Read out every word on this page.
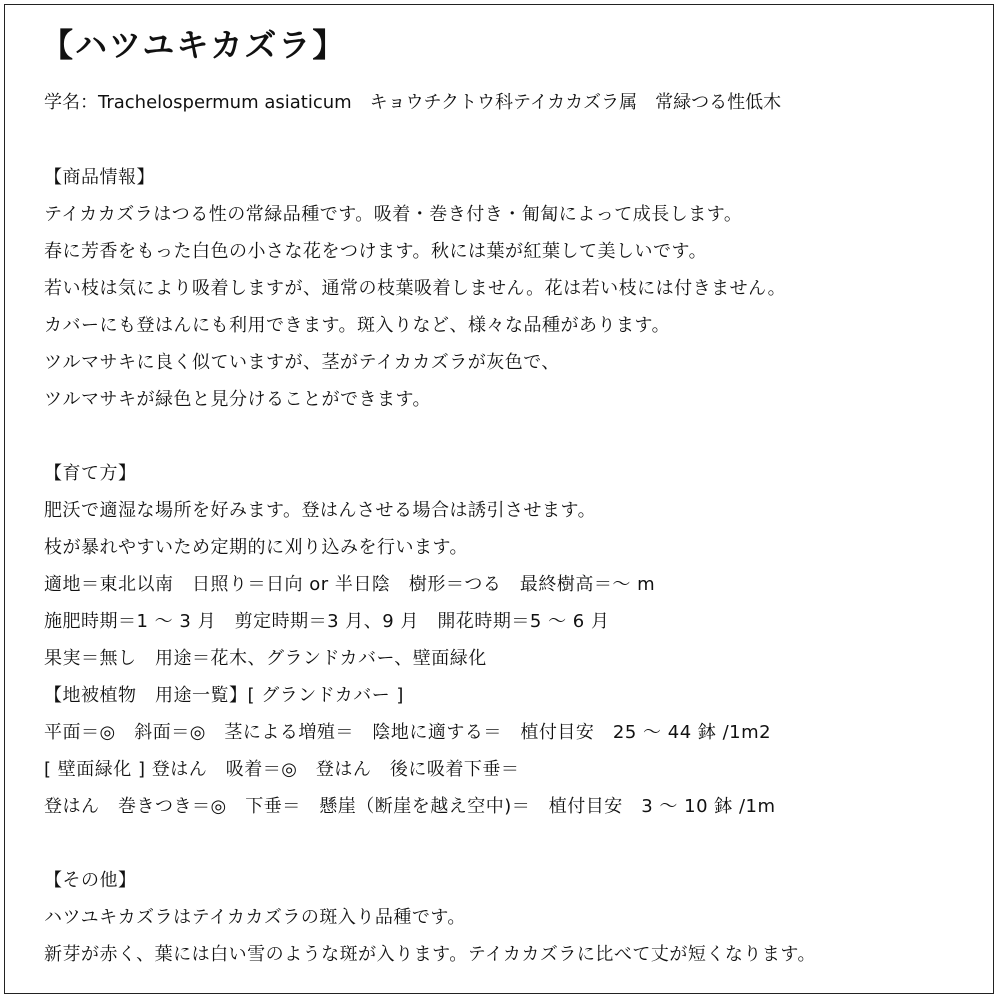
【ハツユキカズラ】
学名：Trachelospermum asiaticum　キョウチクトウ科テイカカズラ属　常緑つる性低木
【商品情報】
テイカカズラはつる性の常緑品種です。吸着・巻き付き・匍匐によって成長します。
春に芳香をもった白色の小さな花をつけます。秋には葉が紅葉して美しいです。
若い枝は気により吸着しますが、通常の枝葉吸着しません。花は若い枝には付きません。
カバーにも登はんにも利用できます。斑入りなど、様々な品種があります。
ツルマサキに良く似ていますが、茎がテイカカズラが灰色で、
ツルマサキが緑色と見分けることができます。
【育て方】
肥沃で適湿な場所を好みます。登はんさせる場合は誘引させます。
枝が暴れやすいため定期的に刈り込みを行います。
適地＝東北以南　日照り＝日向 or 半日陰　樹形＝つる　最終樹高＝～ m
施肥時期＝1 ～ 3 月　剪定時期＝3 月、9 月　開花時期＝5 ～ 6 月
果実＝無し　用途＝花木、グランドカバー、壁面緑化
【地被植物　用途一覧】[ グランドカバー ]
平面＝◎　斜面＝◎　茎による増殖＝　陰地に適する＝　植付目安　25 ～ 44 鉢 /1m2
[ 壁面緑化 ] 登はん　吸着＝◎　登はん　後に吸着下垂＝
登はん　巻きつき＝◎　下垂＝　懸崖（断崖を越え空中)＝　植付目安　3 ～ 10 鉢 /1m
【その他】
ハツユキカズラはテイカカズラの斑入り品種です。
新芽が赤く、葉には白い雪のような斑が入ります。テイカカズラに比べて丈が短くなります。
